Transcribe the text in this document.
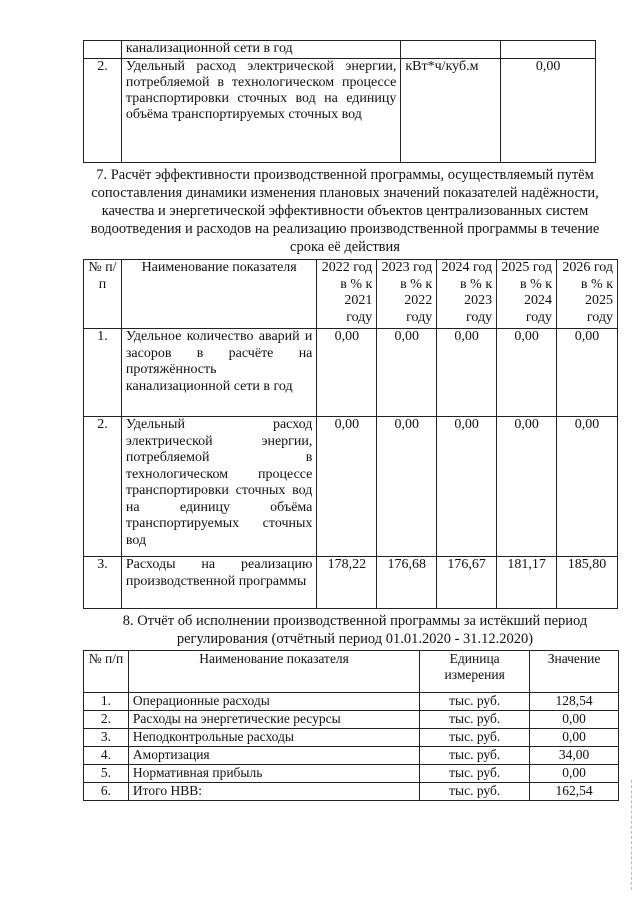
	канализационной сети в год		
2.	Удельный расход электрической энергии, потребляемой в технологическом процессе транспортировки сточных вод на единицу объёма транспортируемых сточных вод	кВт*ч/куб.м	0,00
7. Расчёт эффективности производственной программы, осуществляемый путём сопоставления динамики изменения плановых значений показателей надёжности, качества и энергетической эффективности объектов централизованных систем водоотведения и расходов на реализацию производственной программы в течение срока её действия
№ п/п	Наименование показателя	2022 год в % к 2021 году	2023 год в % к 2022 году	2024 год в % к 2023 году	2025 год в % к 2024 году	2026 год в % к 2025 году
1.	Удельное количество аварий и засоров в расчёте на протяжённость канализационной сети в год	0,00	0,00	0,00	0,00	0,00
2.	Удельный расход электрической энергии, потребляемой в технологическом процессе транспортировки сточных вод на единицу объёма транспортируемых сточных вод	0,00	0,00	0,00	0,00	0,00
3.	Расходы на реализацию производственной программы	178,22	176,68	176,67	181,17	185,80
8. Отчёт об исполнении производственной программы за истёкший период регулирования (отчётный период 01.01.2020 - 31.12.2020)
№ п/п	Наименование показателя	Единица измерения	Значение
1.	Операционные расходы	тыс. руб.	128,54
2.	Расходы на энергетические ресурсы	тыс. руб.	0,00
3.	Неподконтрольные расходы	тыс. руб.	0,00
4.	Амортизация	тыс. руб.	34,00
5.	Нормативная прибыль	тыс. руб.	0,00
6.	Итого НВВ:	тыс. руб.	162,54
